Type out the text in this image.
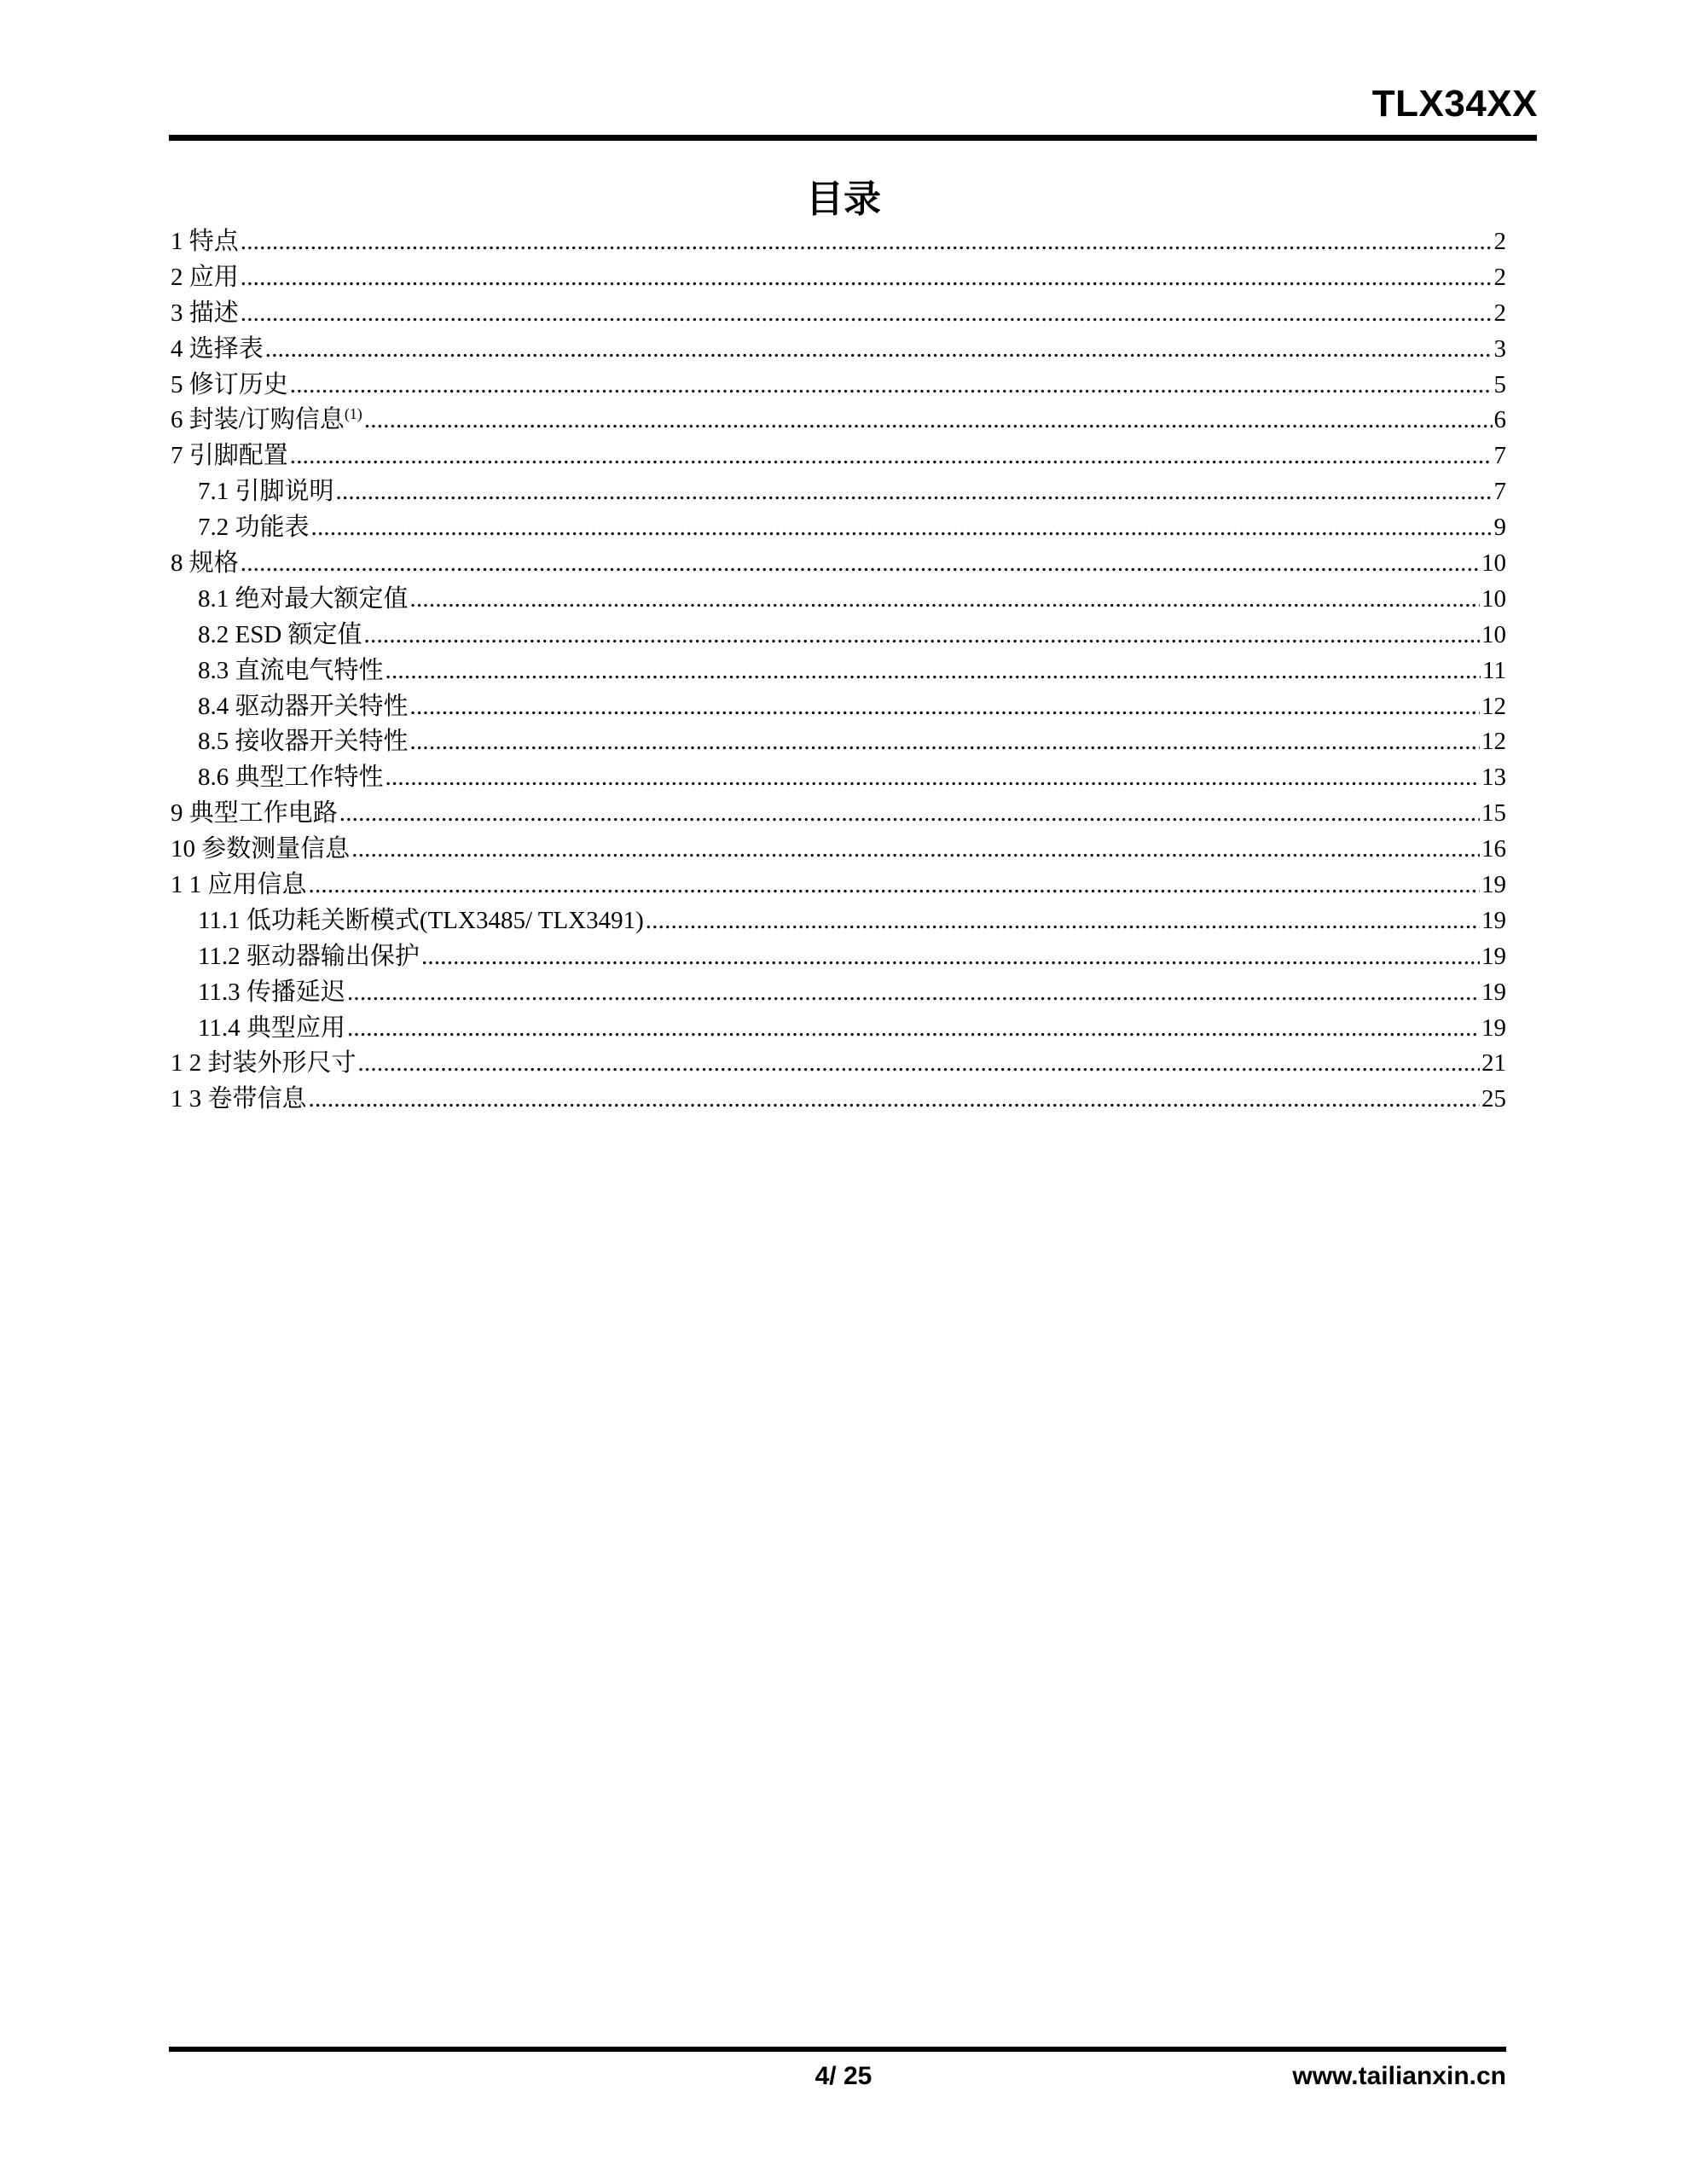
TLX34XX
目录
1 特点 .....	2
2 应用 .....	2
3 描述 .....	2
4 选择表 .....	3
5 修订历史 .....	5
6 封装/订购信息$^{(1)}$ .....	6
7 引脚配置 .....	7
7.1 引脚说明 .....	7
7.2 功能表 .....	9
8 规格 .....	10
8.1 绝对最大额定值 .....	10
8.2 ESD 额定值 .....	10
8.3 直流电气特性 .....	11
8.4 驱动器开关特性 .....	12
8.5 接收器开关特性 .....	12
8.6 典型工作特性 .....	13
9 典型工作电路 .....	15
10 参数测量信息 .....	16
1 1 应用信息 .....	19
11.1 低功耗关断模式(TLX3485/ TLX3491) .....	19
11.2 驱动器输出保护 .....	19
11.3 传播延迟 .....	19
11.4 典型应用 .....	19
1 2 封装外形尺寸 .....	21
1 3 卷带信息 .....	25
4/ 25	www.tailianxin.cn
